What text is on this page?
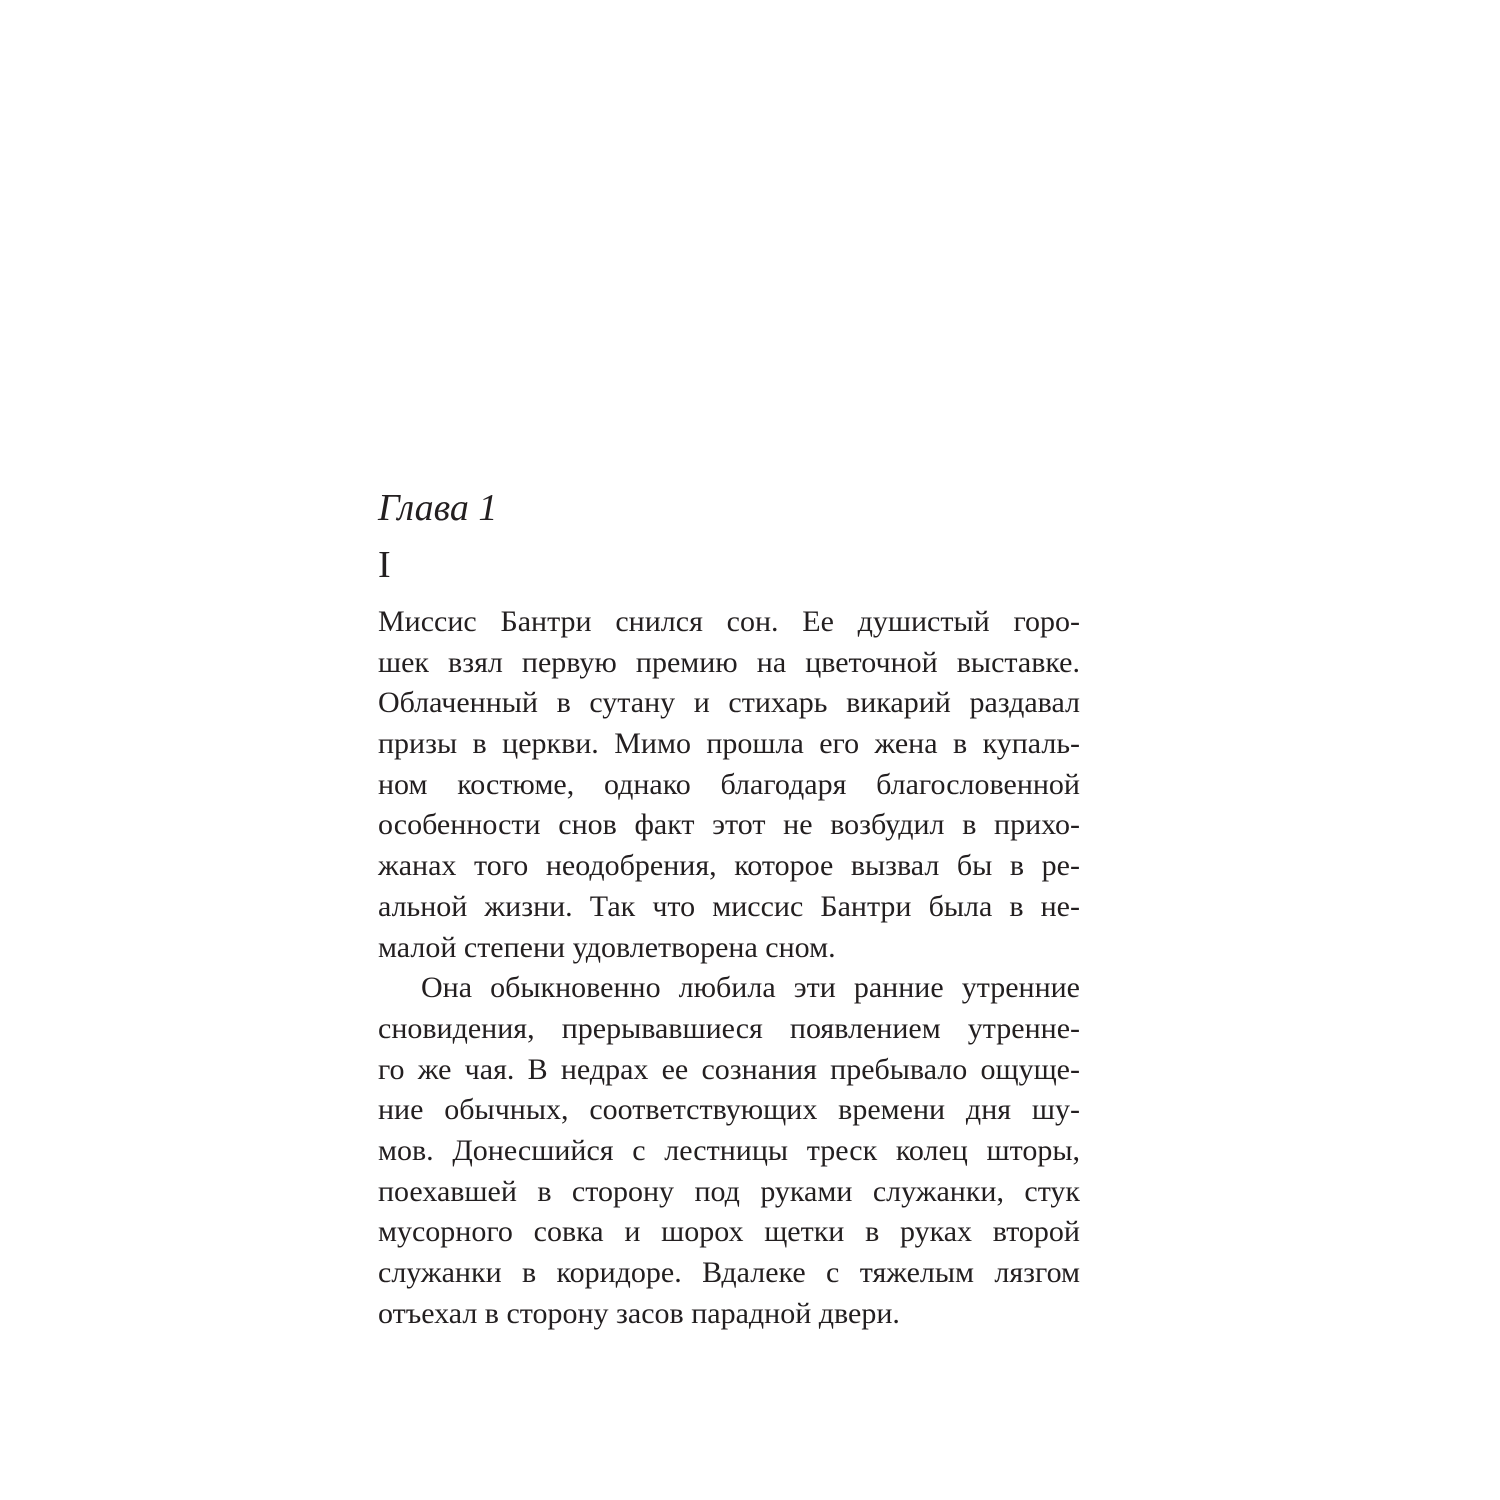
Глава 1
I
Миссис Бантри снился сон. Ее душистый горо-
шек взял первую премию на цветочной выставке.
Облаченный в сутану и стихарь викарий раздавал
призы в церкви. Мимо прошла его жена в купаль-
ном костюме, однако благодаря благословенной
особенности снов факт этот не возбудил в прихо-
жанах того неодобрения, которое вызвал бы в ре-
альной жизни. Так что миссис Бантри была в не-
малой степени удовлетворена сном.
Она обыкновенно любила эти ранние утренние
сновидения, прерывавшиеся появлением утренне-
го же чая. В недрах ее сознания пребывало ощуще-
ние обычных, соответствующих времени дня шу-
мов. Донесшийся с лестницы треск колец шторы,
поехавшей в сторону под руками служанки, стук
мусорного совка и шорох щетки в руках второй
служанки в коридоре. Вдалеке с тяжелым лязгом
отъехал в сторону засов парадной двери.
